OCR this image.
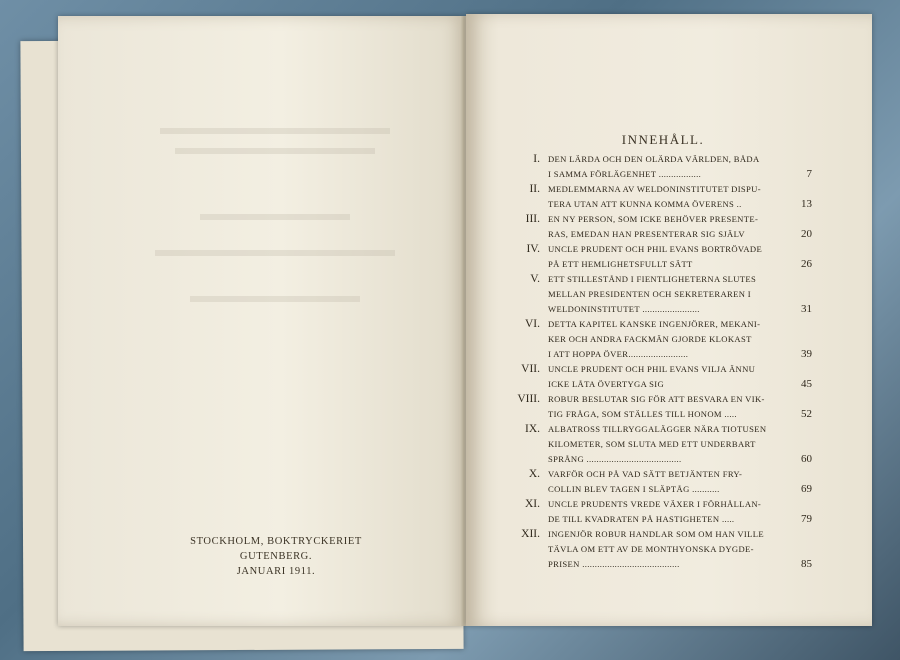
STOCKHOLM, BOKTRYCKERIET GUTENBERG.
JANUARI 1911.
INNEHÅLL.
I. DEN LÄRDA OCH DEN OLÄRDA VÄRLDEN, BÅDA
I SAMMA FÖRLÄGENHET .................	7
II. MEDLEMMARNA AV WELDONINSTITUTET DISPU-
TERA UTAN ATT KUNNA KOMMA ÖVERENS ..	13
III. EN NY PERSON, SOM ICKE BEHÖVER PRESENTE-
RAS, EMEDAN HAN PRESENTERAR SIG SJÄLV	20
IV. UNCLE PRUDENT OCH PHIL EVANS BORTRÖVADE
PÅ ETT HEMLIGHETSFULLT SÄTT	26
V. ETT STILLESTÅND I FIENTLIGHETERNA SLUTES
MELLAN PRESIDENTEN OCH SEKRETERAREN I
WELDONINSTITUTET .......................	31
VI. DETTA KAPITEL KANSKE INGENJÖRER, MEKANI-
KER OCH ANDRA FACKMÄN GJORDE KLOKAST
I ATT HOPPA ÖVER........................	39
VII. UNCLE PRUDENT OCH PHIL EVANS VILJA ÄNNU
ICKE LÅTA ÖVERTYGA SIG	45
VIII. ROBUR BESLUTAR SIG FÖR ATT BESVARA EN VIK-
TIG FRÅGA, SOM STÄLLES TILL HONOM .....	52
IX. ALBATROSS TILLRYGGALÄGGER NÄRA TIOTUSEN
KILOMETER, SOM SLUTA MED ETT UNDERBART
SPRÅNG ......................................	60
X. VARFÖR OCH PÅ VAD SÄTT BETJÄNTEN FRY-
COLLIN BLEV TAGEN I SLÄPTÅG ...........	69
XI. UNCLE PRUDENTS VREDE VÄXER I FÖRHÅLLAN-
DE TILL KVADRATEN PÅ HASTIGHETEN .....	79
XII. INGENJÖR ROBUR HANDLAR SOM OM HAN VILLE
TÄVLA OM ETT AV DE MONTHYONSKA DYGDE-
PRISEN .......................................	85
